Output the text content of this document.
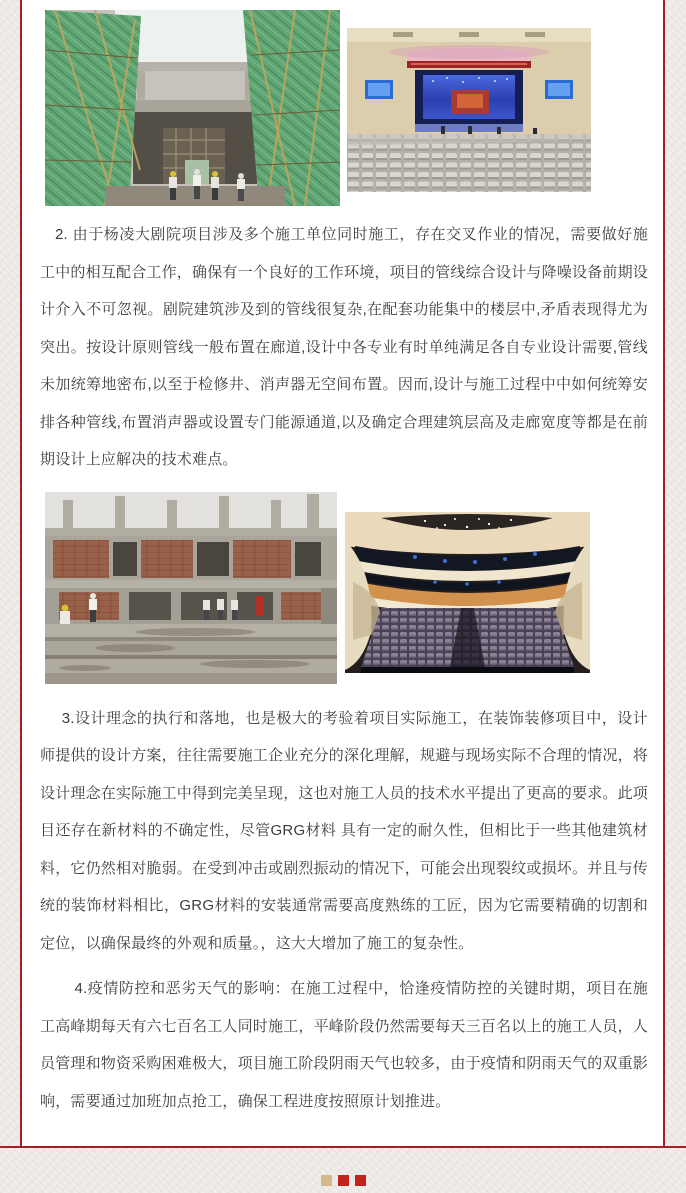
2. 由于杨凌大剧院项目涉及多个施工单位同时施工，存在交叉作业的情况，需要做好施工中的相互配合工作，确保有一个良好的工作环境，项目的管线综合设计与降噪设备前期设计介入不可忽视。剧院建筑涉及到的管线很复杂,在配套功能集中的楼层中,矛盾表现得尤为突出。按设计原则管线一般布置在廊道,设计中各专业有时单纯满足各自专业设计需要,管线未加统筹地密布,以至于检修井、消声器无空间布置。因而,设计与施工过程中中如何统筹安排各种管线,布置消声器或设置专门能源通道,以及确定合理建筑层高及走廊宽度等都是在前期设计上应解决的技术难点。

3.设计理念的执行和落地，也是极大的考验着项目实际施工，在装饰装修项目中，设计师提供的设计方案，往往需要施工企业充分的深化理解，规避与现场实际不合理的情况，将设计理念在实际施工中得到完美呈现，这也对施工人员的技术水平提出了更高的要求。此项目还存在新材料的不确定性，尽管GRG材料 具有一定的耐久性，但相比于一些其他建筑材料，它仍然相对脆弱。在受到冲击或剧烈振动的情况下，可能会出现裂纹或损坏。并且与传统的装饰材料相比，GRG材料的安装通常需要高度熟练的工匠，因为它需要精确的切割和定位，以确保最终的外观和质量。，这大大增加了施工的复杂性。

4.疫情防控和恶劣天气的影响：在施工过程中，恰逢疫情防控的关键时期，项目在施工高峰期每天有六七百名工人同时施工，平峰阶段仍然需要每天三百名以上的施工人员，人员管理和物资采购困难极大，项目施工阶段阴雨天气也较多，由于疫情和阴雨天气的双重影响，需要通过加班加点抢工，确保工程进度按照原计划推进。
